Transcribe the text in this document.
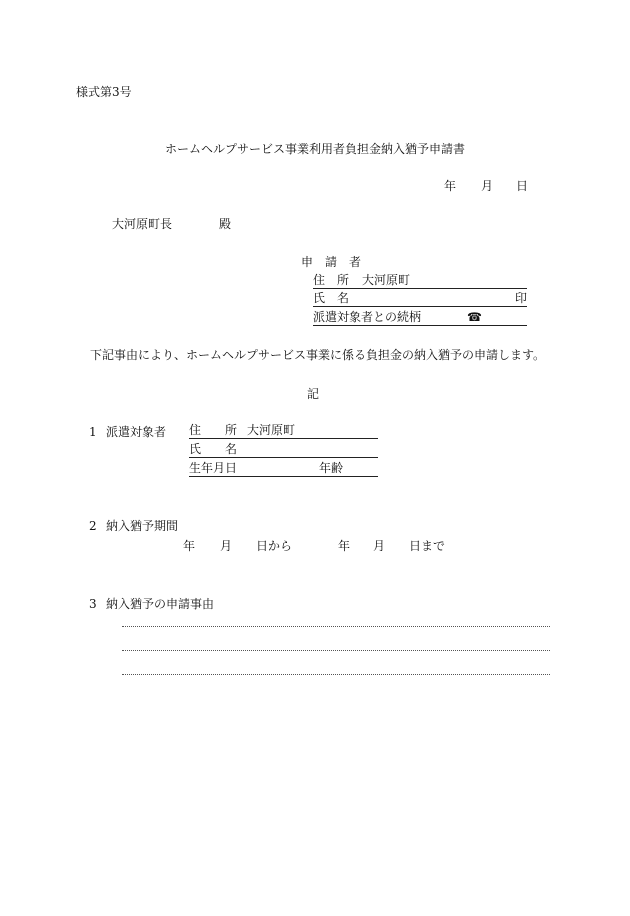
様式第3号
ホームヘルプサービス事業利用者負担金納入猶予申請書
年 月 日
大河原町長	殿
申　請　者
住　所 大河原町
氏　名	印
派遣対象者との続柄	☎
下記事由により、ホームヘルプサービス事業に係る負担金の納入猶予の申請します。
記
1 派遣対象者 住　　所 大河原町
氏　　名
生年月日	年齢
2 納入猶予期間
年 月 日から	年 月 日まで
3 納入猶予の申請事由
